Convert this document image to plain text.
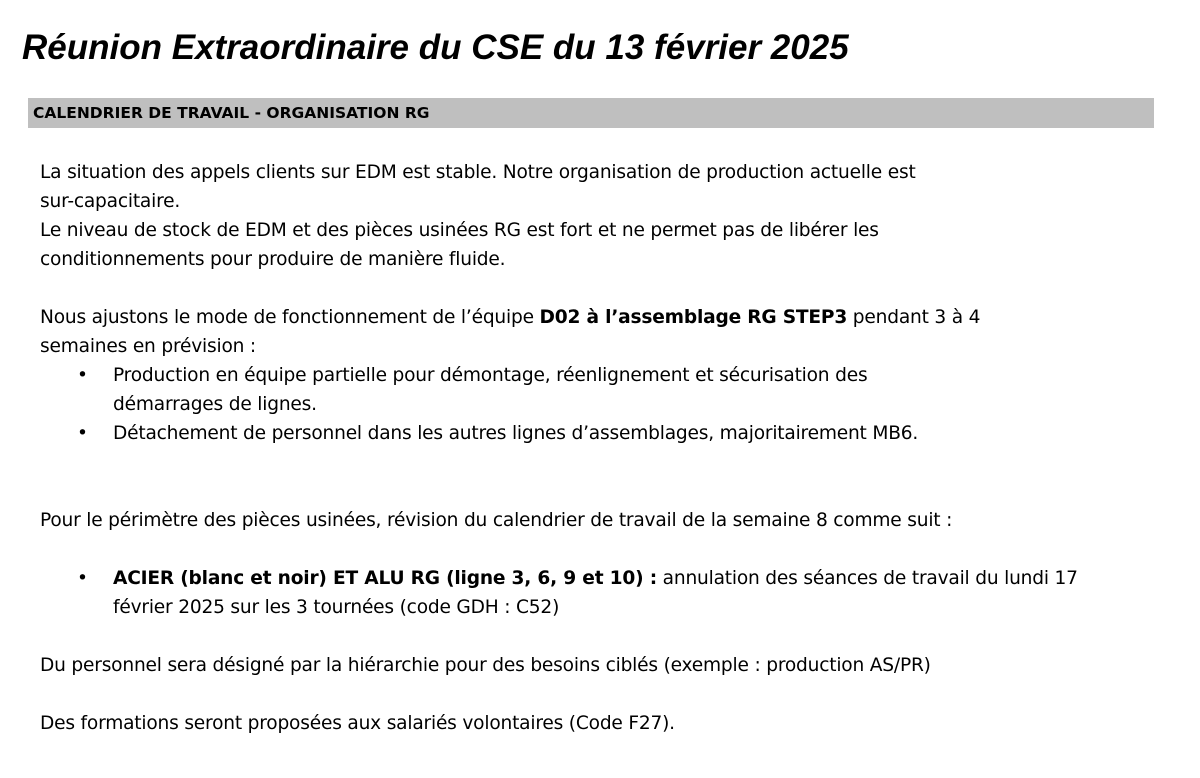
Réunion Extraordinaire du CSE du 13 février 2025
CALENDRIER DE TRAVAIL - ORGANISATION RG

La situation des appels clients sur EDM est stable. Notre organisation de production actuelle est
sur-capacitaire.
Le niveau de stock de EDM et des pièces usinées RG est fort et ne permet pas de libérer les
conditionnements pour produire de manière fluide.

Nous ajustons le mode de fonctionnement de l’équipe D02 à l’assemblage RG STEP3 pendant 3 à 4
semaines en prévision :

• Production en équipe partielle pour démontage, réenlignement et sécurisation des
démarrages de lignes.
• Détachement de personnel dans les autres lignes d’assemblages, majoritairement MB6.

Pour le périmètre des pièces usinées, révision du calendrier de travail de la semaine 8 comme suit :

• ACIER (blanc et noir) ET ALU RG (ligne 3, 6, 9 et 10) : annulation des séances de travail du lundi 17
février 2025 sur les 3 tournées (code GDH : C52)

Du personnel sera désigné par la hiérarchie pour des besoins ciblés (exemple : production AS/PR)

Des formations seront proposées aux salariés volontaires (Code F27).
